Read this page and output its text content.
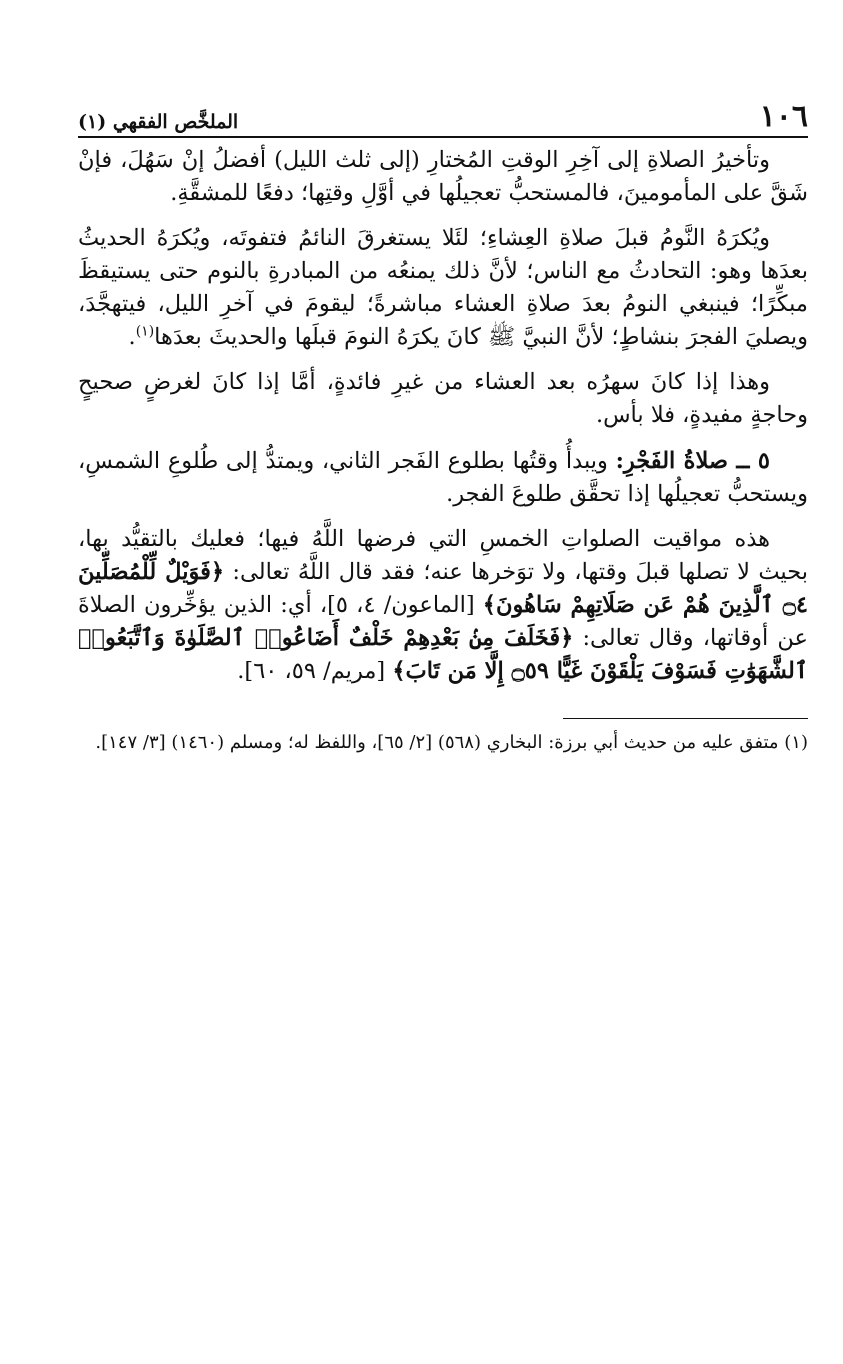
١٠٦
الملخَّص الفقهي (١)

وتأخيرُ الصلاةِ إلى آخِرِ الوقتِ المُختارِ (إلى ثلث الليل) أفضلُ إنْ سَهُلَ، فإنْ شَقَّ على المأمومينَ، فالمستحبُّ تعجيلُها في أوَّلِ وقتِها؛ دفعًا للمشقَّةِ.

ويُكرَهُ النَّومُ قبلَ صلاةِ العِشاءِ؛ لئَلا يستغرقَ النائمُ فتفوتَه، ويُكرَهُ الحديثُ بعدَها وهو: التحادثُ مع الناس؛ لأنَّ ذلك يمنعُه من المبادرةِ بالنوم حتى يستيقظَ مبكِّرًا؛ فينبغي النومُ بعدَ صلاةِ العشاء مباشرةً؛ ليقومَ في آخرِ الليل، فيتهجَّدَ، ويصليَ الفجرَ بنشاطٍ؛ لأنَّ النبيَّ ﷺ كانَ يكرَهُ النومَ قبلَها والحديثَ بعدَها$^{(١)}$.

وهذا إذا كانَ سهرُه بعد العشاء من غيرِ فائدةٍ، أمَّا إذا كانَ لغرضٍ صحيحٍ وحاجةٍ مفيدةٍ، فلا بأس.

٥ ــ صلاةُ الفَجْرِ: ويبدأُ وقتُها بطلوع الفَجر الثاني، ويمتدُّ إلى طُلوعِ الشمسِ، ويستحبُّ تعجيلُها إذا تحقَّق طلوعَ الفجر.

هذه مواقيت الصلواتِ الخمسِ التي فرضها اللَّهُ فيها؛ فعليك بالتقيُّد بها، بحيث لا تصلها قبلَ وقتها، ولا توَخرها عنه؛ فقد قال اللَّهُ تعالى: ﴿فَوَيْلٌ لِّلْمُصَلِّينَ ۝٤ ٱلَّذِينَ هُمْ عَن صَلَاتِهِمْ سَاهُونَ﴾ [الماعون/ ٤، ٥]، أي: الذين يؤخِّرون الصلاةَ عن أوقاتها، وقال تعالى: ﴿فَخَلَفَ مِنۢ بَعْدِهِمْ خَلْفٌ أَضَاعُوا۟ ٱلصَّلَوٰةَ وَٱتَّبَعُوا۟ ٱلشَّهَوَٰتِ فَسَوْفَ يَلْقَوْنَ غَيًّا ۝٥٩ إِلَّا مَن تَابَ﴾ [مريم/ ٥٩، ٦٠].

(١) متفق عليه من حديث أبي برزة: البخاري (٥٦٨) [٢/ ٦٥]، واللفظ له؛ ومسلم (١٤٦٠) [٣/ ١٤٧].
